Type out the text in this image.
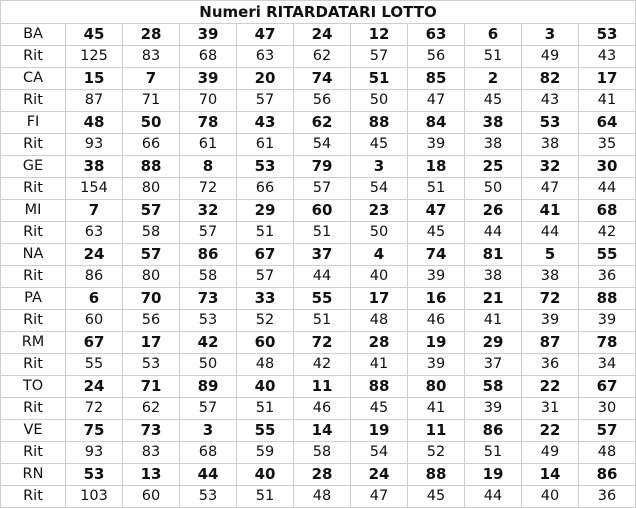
Numeri RITARDATARI LOTTO										
BA	45	28	39	47	24	12	63	6	3	53
Rit	125	83	68	63	62	57	56	51	49	43
CA	15	7	39	20	74	51	85	2	82	17
Rit	87	71	70	57	56	50	47	45	43	41
FI	48	50	78	43	62	88	84	38	53	64
Rit	93	66	61	61	54	45	39	38	38	35
GE	38	88	8	53	79	3	18	25	32	30
Rit	154	80	72	66	57	54	51	50	47	44
MI	7	57	32	29	60	23	47	26	41	68
Rit	63	58	57	51	51	50	45	44	44	42
NA	24	57	86	67	37	4	74	81	5	55
Rit	86	80	58	57	44	40	39	38	38	36
PA	6	70	73	33	55	17	16	21	72	88
Rit	60	56	53	52	51	48	46	41	39	39
RM	67	17	42	60	72	28	19	29	87	78
Rit	55	53	50	48	42	41	39	37	36	34
TO	24	71	89	40	11	88	80	58	22	67
Rit	72	62	57	51	46	45	41	39	31	30
VE	75	73	3	55	14	19	11	86	22	57
Rit	93	83	68	59	58	54	52	51	49	48
RN	53	13	44	40	28	24	88	19	14	86
Rit	103	60	53	51	48	47	45	44	40	36
